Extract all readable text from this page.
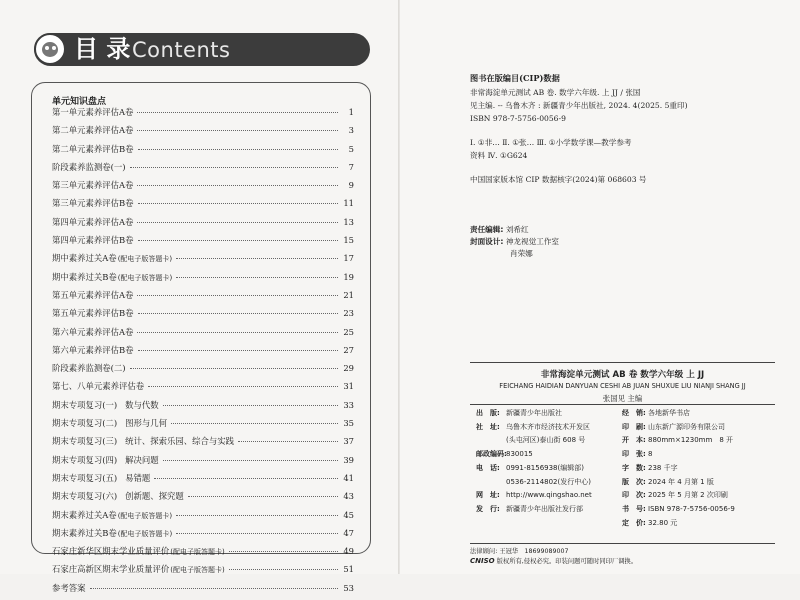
目 录 Contents
单元知识盘点
第一单元素养评估A卷	1
第二单元素养评估A卷	3
第二单元素养评估B卷	5
阶段素养监测卷(一)	7
第三单元素养评估A卷	9
第三单元素养评估B卷	11
第四单元素养评估A卷	13
第四单元素养评估B卷	15
期中素养过关A卷 (配电子版答题卡)	17
期中素养过关B卷 (配电子版答题卡)	19
第五单元素养评估A卷	21
第五单元素养评估B卷	23
第六单元素养评估A卷	25
第六单元素养评估B卷	27
阶段素养监测卷(二)	29
第七、八单元素养评估卷	31
期末专项复习(一) 数与代数	33
期末专项复习(二) 图形与几何	35
期末专项复习(三) 统计、探索乐园、综合与实践	37
期末专项复习(四) 解决问题	39
期末专项复习(五) 易错题	41
期末专项复习(六) 创新题、探究题	43
期末素养过关A卷 (配电子版答题卡)	45
期末素养过关B卷 (配电子版答题卡)	47
石家庄新华区期末学业质量评价 (配电子版答题卡)	49
石家庄高新区期末学业质量评价 (配电子版答题卡)	51
参考答案	53
图书在版编目(CIP)数据
非常海淀单元测试 AB 卷. 数学六年级. 上 JJ / 张国
见主编. -- 乌鲁木齐 : 新疆青少年出版社, 2024. 4(2025. 5重印)
ISBN 978-7-5756-0056-9
Ⅰ. ①非… Ⅱ. ①张… Ⅲ. ①小学数学课—教学参考
资料 Ⅳ. ①G624
中国国家版本馆 CIP 数据核字(2024)第 068603 号
责任编辑: 刘希红
封面设计: 神龙视觉工作室
肖荣娜
非常海淀单元测试 AB 卷 数学六年级 上 JJ
FEICHANG HAIDIAN DANYUAN CESHI AB JUAN SHUXUE LIU NIANJI SHANG JJ
张国见 主编
出　版: 新疆青少年出版社
社　址: 乌鲁木齐市经济技术开发区
(头屯河区)泰山街 608 号
邮政编码:830015
电　话: 0991-8156938(编辑部)
0536-2114802(发行中心)
网　址: http://www.qingshao.net
发　行: 新疆青少年出版社发行部
经　销: 各地新华书店
印　刷: 山东新广源印务有限公司
开　本: 880mm×1230mm　8 开
印　张: 8
字　数: 238 千字
版　次: 2024 年 4 月第 1 版
印　次: 2025 年 5 月第 2 次印刷
书　号: ISBN 978-7-5756-0056-9
定　价: 32.80 元
法律顾问: 王冠华　18699089007
CNISO 版权所有,侵权必究。印装问题可随时同印厂调换。
